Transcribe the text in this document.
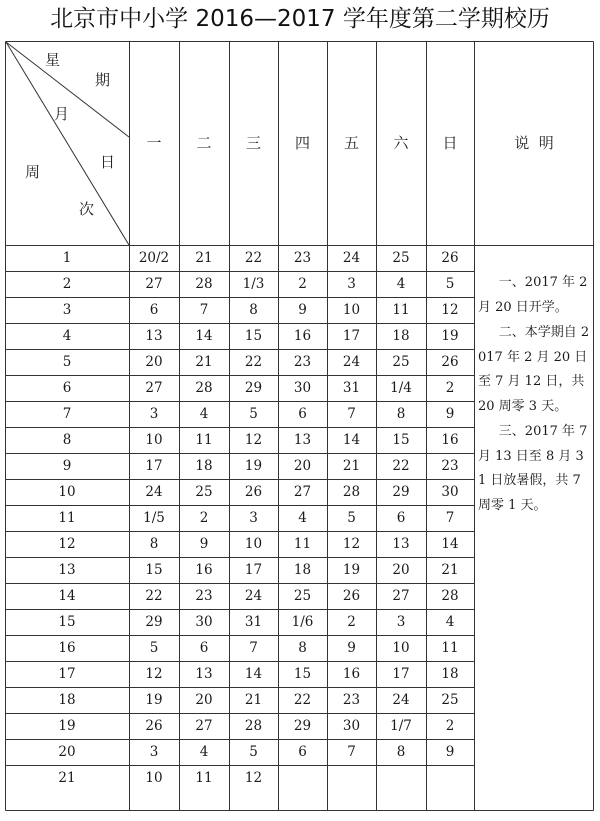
北京市中小学 2016—2017 学年度第二学期校历
星
期
月
日
周
次
一	二	三	四	五	六	日	说  明
1	20/2	21	22	23	24	25	26
2	27	28	1/3	2	3	4	5
3	6	7	8	9	10	11	12
4	13	14	15	16	17	18	19
5	20	21	22	23	24	25	26
6	27	28	29	30	31	1/4	2
7	3	4	5	6	7	8	9
8	10	11	12	13	14	15	16
9	17	18	19	20	21	22	23
10	24	25	26	27	28	29	30
11	1/5	2	3	4	5	6	7
12	8	9	10	11	12	13	14
13	15	16	17	18	19	20	21
14	22	23	24	25	26	27	28
15	29	30	31	1/6	2	3	4
16	5	6	7	8	9	10	11
17	12	13	14	15	16	17	18
18	19	20	21	22	23	24	25
19	26	27	28	29	30	1/7	2
20	3	4	5	6	7	8	9
21	10	11	12

一、2017 年 2 月 20 日开学。

二、本学期自 2017 年 2 月 20 日至 7 月 12 日，共 20 周零 3 天。

三、2017 年 7 月 13 日至 8 月 31 日放暑假，共 7 周零 1 天。
